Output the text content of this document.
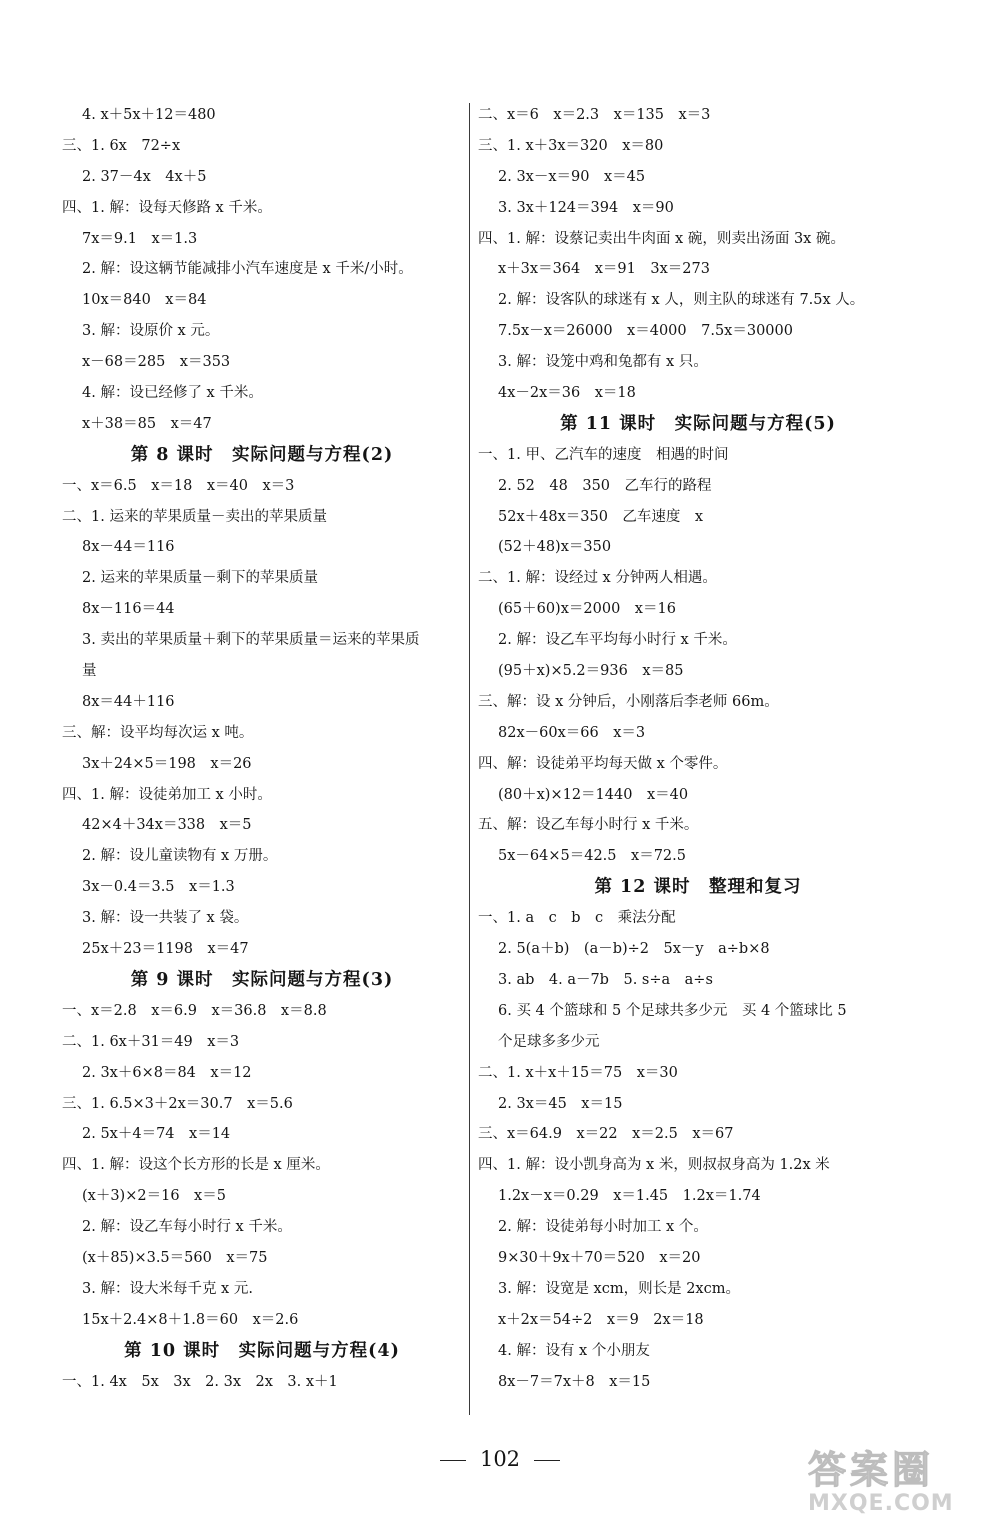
4. x＋5x＋12＝480
三、1. 6x　72÷x
2. 37－4x　4x＋5
四、1. 解：设每天修路 x 千米。
7x＝9.1　x＝1.3
2. 解：设这辆节能减排小汽车速度是 x 千米/小时。
10x＝840　x＝84
3. 解：设原价 x 元。
x－68＝285　x＝353
4. 解：设已经修了 x 千米。
x＋38＝85　x＝47
第 8 课时　实际问题与方程(2)
一、x＝6.5　x＝18　x＝40　x＝3
二、1. 运来的苹果质量－卖出的苹果质量
8x－44＝116
2. 运来的苹果质量－剩下的苹果质量
8x－116＝44
3. 卖出的苹果质量＋剩下的苹果质量＝运来的苹果质
量
8x＝44＋116
三、解：设平均每次运 x 吨。
3x＋24×5＝198　x＝26
四、1. 解：设徒弟加工 x 小时。
42×4＋34x＝338　x＝5
2. 解：设儿童读物有 x 万册。
3x－0.4＝3.5　x＝1.3
3. 解：设一共装了 x 袋。
25x＋23＝1198　x＝47
第 9 课时　实际问题与方程(3)
一、x＝2.8　x＝6.9　x＝36.8　x＝8.8
二、1. 6x＋31＝49　x＝3
2. 3x＋6×8＝84　x＝12
三、1. 6.5×3＋2x＝30.7　x＝5.6
2. 5x＋4＝74　x＝14
四、1. 解：设这个长方形的长是 x 厘米。
(x＋3)×2＝16　x＝5
2. 解：设乙车每小时行 x 千米。
(x＋85)×3.5＝560　x＝75
3. 解：设大米每千克 x 元.
15x＋2.4×8＋1.8＝60　x＝2.6
第 10 课时　实际问题与方程(4)
一、1. 4x　5x　3x　2. 3x　2x　3. x＋1
二、x＝6　x＝2.3　x＝135　x＝3
三、1. x＋3x＝320　x＝80
2. 3x－x＝90　x＝45
3. 3x＋124＝394　x＝90
四、1. 解：设蔡记卖出牛肉面 x 碗，则卖出汤面 3x 碗。
x＋3x＝364　x＝91　3x＝273
2. 解：设客队的球迷有 x 人，则主队的球迷有 7.5x 人。
7.5x－x＝26000　x＝4000　7.5x＝30000
3. 解：设笼中鸡和兔都有 x 只。
4x－2x＝36　x＝18
第 11 课时　实际问题与方程(5)
一、1. 甲、乙汽车的速度　相遇的时间
2. 52　48　350　乙车行的路程
52x＋48x＝350　乙车速度　x
(52＋48)x＝350
二、1. 解：设经过 x 分钟两人相遇。
(65＋60)x＝2000　x＝16
2. 解：设乙车平均每小时行 x 千米。
(95＋x)×5.2＝936　x＝85
三、解：设 x 分钟后，小刚落后李老师 66m。
82x－60x＝66　x＝3
四、解：设徒弟平均每天做 x 个零件。
(80＋x)×12＝1440　x＝40
五、解：设乙车每小时行 x 千米。
5x－64×5＝42.5　x＝72.5
第 12 课时　整理和复习
一、1. a　c　b　c　乘法分配
2. 5(a＋b)　(a－b)÷2　5x－y　a÷b×8
3. ab　4. a－7b　5. s÷a　a÷s
6. 买 4 个篮球和 5 个足球共多少元　买 4 个篮球比 5
个足球多多少元
二、1. x＋x＋15＝75　x＝30
2. 3x＝45　x＝15
三、x＝64.9　x＝22　x＝2.5　x＝67
四、1. 解：设小凯身高为 x 米，则叔叔身高为 1.2x 米
1.2x－x＝0.29　x＝1.45　1.2x＝1.74
2. 解：设徒弟每小时加工 x 个。
9×30＋9x＋70＝520　x＝20
3. 解：设宽是 xcm，则长是 2xcm。
x＋2x＝54÷2　x＝9　2x＝18
4. 解：设有 x 个小朋友
8x－7＝7x＋8　x＝15
102	答案圈
MXQE.COM
